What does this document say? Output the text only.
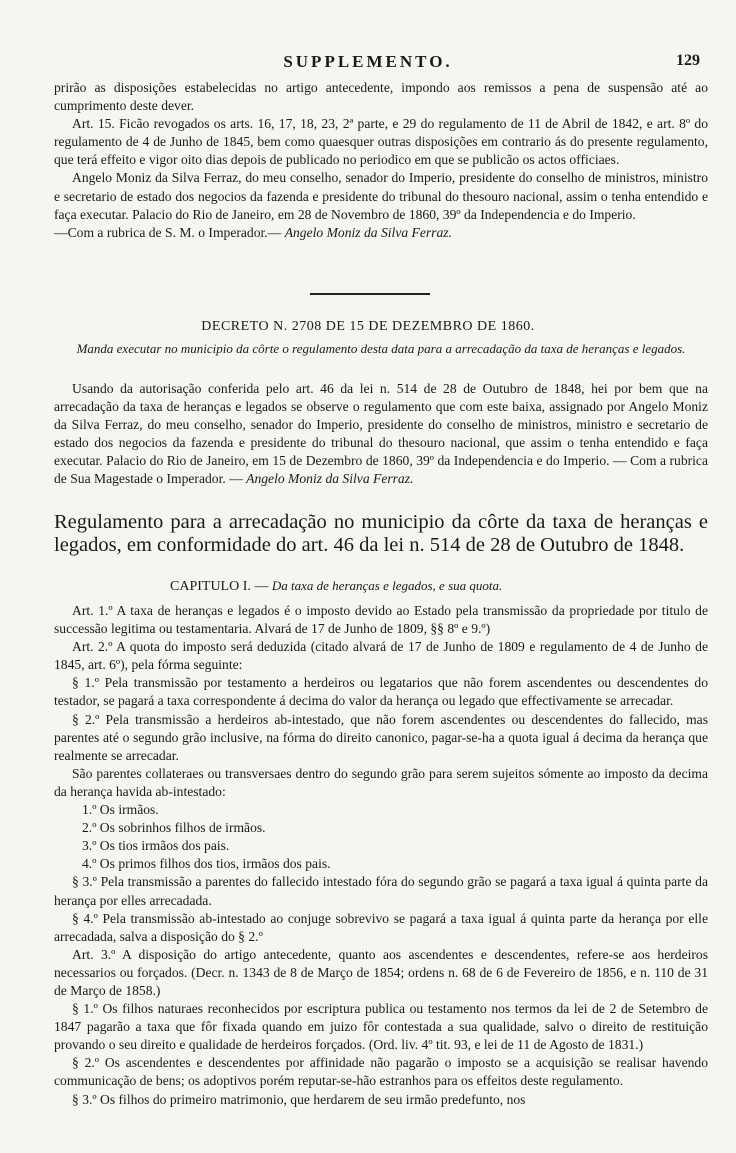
SUPPLEMENTO.	129

prirão as disposições estabelecidas no artigo antecedente, impondo aos remissos a pena de suspensão até ao cumprimento deste dever.

Art. 15. Ficão revogados os arts. 16, 17, 18, 23, 2ª parte, e 29 do regulamento de 11 de Abril de 1842, e art. 8º do regulamento de 4 de Junho de 1845, bem como quaesquer outras disposições em contrario ás do presente regulamento, que terá effeito e vigor oito dias depois de publicado no periodico em que se publicão os actos officiaes.

Angelo Moniz da Silva Ferraz, do meu conselho, senador do Imperio, presidente do conselho de ministros, ministro e secretario de estado dos negocios da fazenda e presidente do tribunal do thesouro nacional, assim o tenha entendido e faça executar. Palacio do Rio de Janeiro, em 28 de Novembro de 1860, 39º da Independencia e do Imperio.

—Com a rubrica de S. M. o Imperador.— Angelo Moniz da Silva Ferraz.

DECRETO N. 2708 DE 15 DE DEZEMBRO DE 1860.
Manda executar no municipio da côrte o regulamento desta data para a arrecadação da taxa de heranças e legados.

Usando da autorisação conferida pelo art. 46 da lei n. 514 de 28 de Outubro de 1848, hei por bem que na arrecadação da taxa de heranças e legados se observe o regulamento que com este baixa, assignado por Angelo Moniz da Silva Ferraz, do meu conselho, senador do Imperio, presidente do conselho de ministros, ministro e secretario de estado dos negocios da fazenda e presidente do tribunal do thesouro nacional, que assim o tenha entendido e faça executar. Palacio do Rio de Janeiro, em 15 de Dezembro de 1860, 39º da Independencia e do Imperio. — Com a rubrica de Sua Magestade o Imperador. — Angelo Moniz da Silva Ferraz.

Regulamento para a arrecadação no municipio da côrte da taxa de heranças e legados, em conformidade do art. 46 da lei n. 514 de 28 de Outubro de 1848.
CAPITULO I. — Da taxa de heranças e legados, e sua quota.

Art. 1.º A taxa de heranças e legados é o imposto devido ao Estado pela transmissão da propriedade por titulo de successão legitima ou testamentaria. Alvará de 17 de Junho de 1809, §§ 8º e 9.º)

Art. 2.º A quota do imposto será deduzida (citado alvará de 17 de Junho de 1809 e regulamento de 4 de Junho de 1845, art. 6º), pela fórma seguinte:

§ 1.º Pela transmissão por testamento a herdeiros ou legatarios que não forem ascendentes ou descendentes do testador, se pagará a taxa correspondente á decima do valor da herança ou legado que effectivamente se arrecadar.

§ 2.º Pela transmissão a herdeiros ab-intestado, que não forem ascendentes ou descendentes do fallecido, mas parentes até o segundo grão inclusive, na fórma do direito canonico, pagar-se-ha a quota igual á decima da herança que realmente se arrecadar.

São parentes collateraes ou transversaes dentro do segundo grão para serem sujeitos sómente ao imposto da decima da herança havida ab-intestado:

1.º Os irmãos.
2.º Os sobrinhos filhos de irmãos.
3.º Os tios irmãos dos pais.
4.º Os primos filhos dos tios, irmãos dos pais.

§ 3.º Pela transmissão a parentes do fallecido intestado fóra do segundo grão se pagará a taxa igual á quinta parte da herança por elles arrecadada.

§ 4.º Pela transmissão ab-intestado ao conjuge sobrevivo se pagará a taxa igual á quinta parte da herança por elle arrecadada, salva a disposição do § 2.º

Art. 3.º A disposição do artigo antecedente, quanto aos ascendentes e descendentes, refere-se aos herdeiros necessarios ou forçados. (Decr. n. 1343 de 8 de Março de 1854; ordens n. 68 de 6 de Fevereiro de 1856, e n. 110 de 31 de Março de 1858.)

§ 1.º Os filhos naturaes reconhecidos por escriptura publica ou testamento nos termos da lei de 2 de Setembro de 1847 pagarão a taxa que fôr fixada quando em juizo fôr contestada a sua qualidade, salvo o direito de restituição provando o seu direito e qualidade de herdeiros forçados. (Ord. liv. 4º tit. 93, e lei de 11 de Agosto de 1831.)

§ 2.º Os ascendentes e descendentes por affinidade não pagarão o imposto se a acquisição se realisar havendo communicação de bens; os adoptivos porém reputar-se-hão estranhos para os effeitos deste regulamento.

§ 3.º Os filhos do primeiro matrimonio, que herdarem de seu irmão predefunto, nos
